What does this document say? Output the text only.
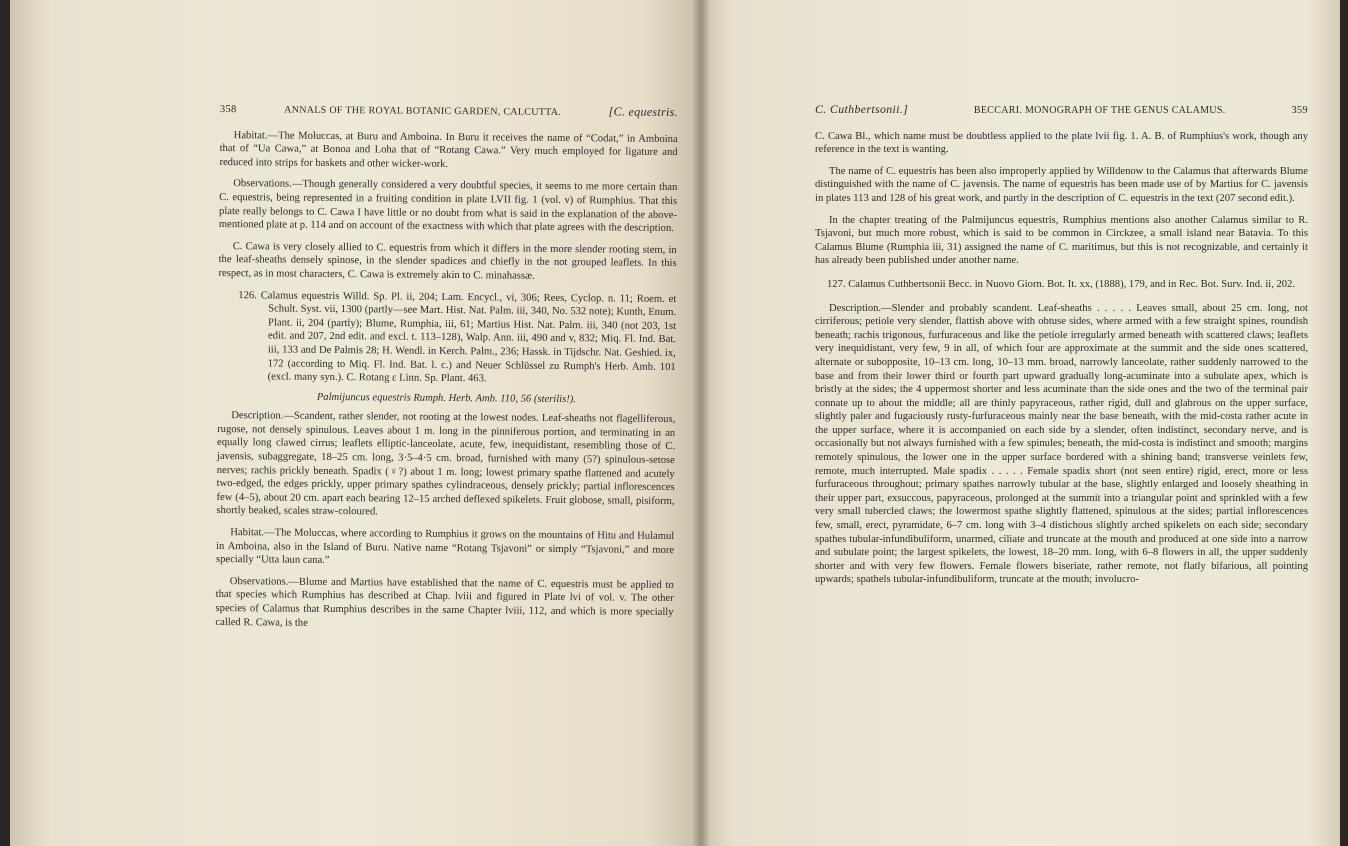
358	ANNALS OF THE ROYAL BOTANIC GARDEN, CALCUTTA.	[C. equestris.

Habitat.—The Moluccas, at Buru and Amboina. In Buru it receives the name of “Codat,” in Amboina that of “Ua Cawa,” at Bonoa and Loha that of “Rotang Cawa.” Very much employed for ligature and reduced into strips for baskets and other wicker-work.

Observations.—Though generally considered a very doubtful species, it seems to me more certain than C. equestris, being represented in a fruiting condition in plate LVII fig. 1 (vol. v) of Rumphius. That this plate really belongs to C. Cawa I have little or no doubt from what is said in the explanation of the above-mentioned plate at p. 114 and on account of the exactness with which that plate agrees with the description.

C. Cawa is very closely allied to C. equestris from which it differs in the more slender rooting stem, in the leaf-sheaths densely spinose, in the slender spadices and chiefly in the not grouped leaflets. In this respect, as in most characters, C. Cawa is extremely akin to C. minahassæ.

126. Calamus equestris Willd. Sp. Pl. ii, 204; Lam. Encycl., vi, 306; Rees, Cyclop. n. 11; Roem. et Schult. Syst. vii, 1300 (partly—see Mart. Hist. Nat. Palm. iii, 340, No. 532 note); Kunth, Enum. Plant. ii, 204 (partly); Blume, Rumphia, iii, 61; Martius Hist. Nat. Palm. iii, 340 (not 203, 1st edit. and 207, 2nd edit. and excl. t. 113–128), Walp. Ann. iii, 490 and v, 832; Miq. Fl. Ind. Bat. iii, 133 and De Palmis 28; H. Wendl. in Kerch. Palm., 236; Hassk. in Tijdschr. Nat. Geshied. ix, 172 (according to Miq. Fl. Ind. Bat. l. c.) and Neuer Schlüssel zu Rumph's Herb. Amb. 101 (excl. many syn.). C. Rotang ε Linn. Sp. Plant. 463.
Palmijuncus equestris Rumph. Herb. Amb. 110, 56 (sterilis!).

Description.—Scandent, rather slender, not rooting at the lowest nodes. Leaf-sheaths not flagelliferous, rugose, not densely spinulous. Leaves about 1 m. long in the pinniferous portion, and terminating in an equally long clawed cirrus; leaflets elliptic-lanceolate, acute, few, inequidistant, resembling those of C. javensis, subaggregate, 18–25 cm. long, 3·5–4·5 cm. broad, furnished with many (5?) spinulous-setose nerves; rachis prickly beneath. Spadix (♀?) about 1 m. long; lowest primary spathe flattened and acutely two-edged, the edges prickly, upper primary spathes cylindraceous, densely prickly; partial inflorescences few (4–5), about 20 cm. apart each bearing 12–15 arched deflexed spikelets. Fruit globose, small, pisiform, shortly beaked, scales straw-coloured.

Habitat.—The Moluccas, where according to Rumphius it grows on the mountains of Hitu and Hulamul in Amboina, also in the Island of Buru. Native name “Rotang Tsjavoni” or simply “Tsjavoni,” and more specially “Utta laun cana.”

Observations.—Blume and Martius have established that the name of C. equestris must be applied to that species which Rumphius has described at Chap. lviii and figured in Plate lvi of vol. v. The other species of Calamus that Rumphius describes in the same Chapter lviii, 112, and which is more specially called R. Cawa, is the

C. Cuthbertsonii.]	BECCARI. MONOGRAPH OF THE GENUS CALAMUS.	359

C. Cawa Bl., which name must be doubtless applied to the plate lvii fig. 1. A. B. of Rumphius's work, though any reference in the text is wanting.

The name of C. equestris has been also improperly applied by Willdenow to the Calamus that afterwards Blume distinguished with the name of C. javensis. The name of equestris has been made use of by Martius for C. javensis in plates 113 and 128 of his great work, and partly in the description of C. equestris in the text (207 second edit.).

In the chapter treating of the Palmijuncus equestris, Rumphius mentions also another Calamus similar to R. Tsjavoni, but much more robust, which is said to be common in Circkzee, a small island near Batavia. To this Calamus Blume (Rumphia iii, 31) assigned the name of C. maritimus, but this is not recognizable, and certainly it has already been published under another name.

127. Calamus Cuthbertsonii Becc. in Nuovo Giorn. Bot. It. xx, (1888), 179, and in Rec. Bot. Surv. Ind. ii, 202.

Description.—Slender and probably scandent. Leaf-sheaths . . . . . Leaves small, about 25 cm. long, not cirriferous; petiole very slender, flattish above with obtuse sides, where armed with a few straight spines, roundish beneath; rachis trigonous, furfuraceous and like the petiole irregularly armed beneath with scattered claws; leaflets very inequidistant, very few, 9 in all, of which four are approximate at the summit and the side ones scattered, alternate or subopposite, 10–13 cm. long, 10–13 mm. broad, narrowly lanceolate, rather suddenly narrowed to the base and from their lower third or fourth part upward gradually long-acuminate into a subulate apex, which is bristly at the sides; the 4 uppermost shorter and less acuminate than the side ones and the two of the terminal pair connate up to about the middle; all are thinly papyraceous, rather rigid, dull and glabrous on the upper surface, slightly paler and fugaciously rusty-furfuraceous mainly near the base beneath, with the mid-costa rather acute in the upper surface, where it is accompanied on each side by a slender, often indistinct, secondary nerve, and is occasionally but not always furnished with a few spinules; beneath, the mid-costa is indistinct and smooth; margins remotely spinulous, the lower one in the upper surface bordered with a shining band; transverse veinlets few, remote, much interrupted. Male spadix . . . . . Female spadix short (not seen entire) rigid, erect, more or less furfuraceous throughout; primary spathes narrowly tubular at the base, slightly enlarged and loosely sheathing in their upper part, exsuccous, papyraceous, prolonged at the summit into a triangular point and sprinkled with a few very small tubercled claws; the lowermost spathe slightly flattened, spinulous at the sides; partial inflorescences few, small, erect, pyramidate, 6–7 cm. long with 3–4 distichous slightly arched spikelets on each side; secondary spathes tubular-infundibuliform, unarmed, ciliate and truncate at the mouth and produced at one side into a narrow and subulate point; the largest spikelets, the lowest, 18–20 mm. long, with 6–8 flowers in all, the upper suddenly shorter and with very few flowers. Female flowers biseriate, rather remote, not flatly bifarious, all pointing upwards; spathels tubular-infundibuliform, truncate at the mouth; involucro-
